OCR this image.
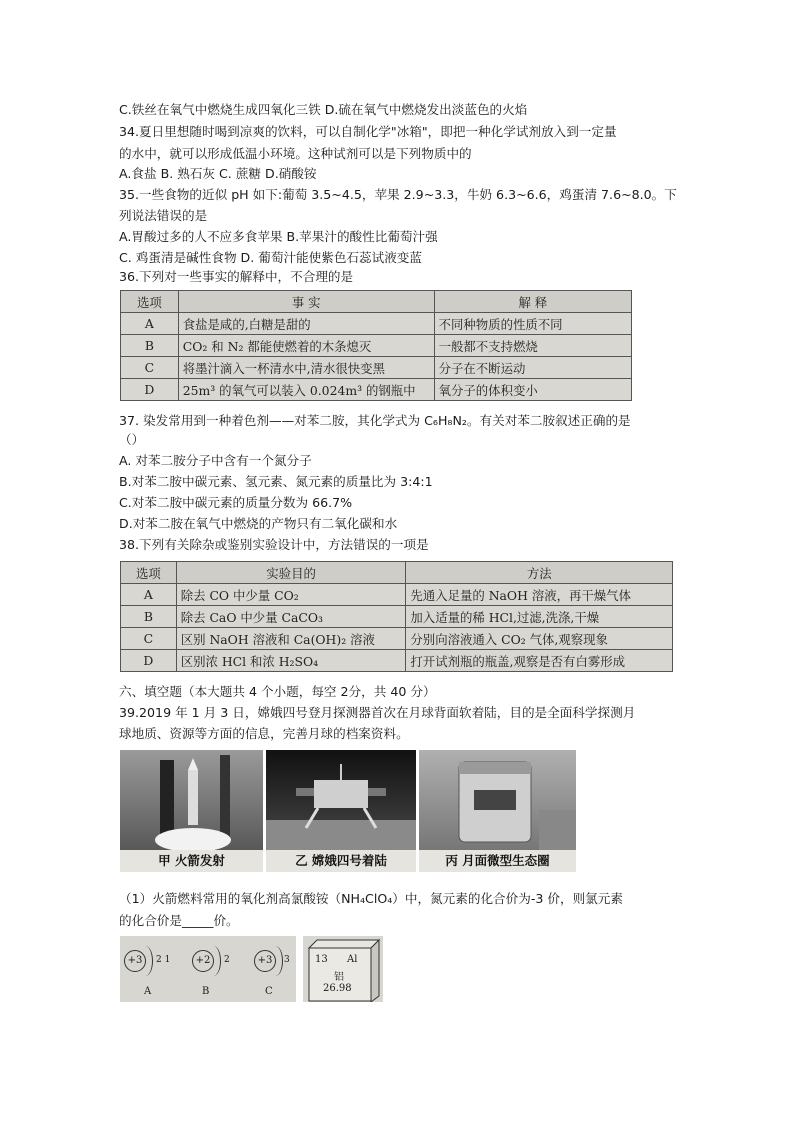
C.铁丝在氧气中燃烧生成四氧化三铁 D.硫在氧气中燃烧发出淡蓝色的火焰
34.夏日里想随时喝到凉爽的饮料，可以自制化学"冰箱"，即把一种化学试剂放入到一定量
的水中，就可以形成低温小环境。这种试剂可以是下列物质中的
A.食盐 B. 熟石灰 C. 蔗糖 D.硝酸铵
35.一些食物的近似 pH 如下:葡萄 3.5~4.5，苹果 2.9~3.3，牛奶 6.3~6.6，鸡蛋清 7.6~8.0。下
列说法错误的是
A.胃酸过多的人不应多食苹果 B.苹果汁的酸性比葡萄汁强
C. 鸡蛋清是碱性食物 D. 葡萄汁能使紫色石蕊试液变蓝
36.下列对一些事实的解释中，不合理的是
选项	事 实	解 释
A	食盐是咸的,白糖是甜的	不同种物质的性质不同
B	CO₂ 和 N₂ 都能使燃着的木条熄灭	一般都不支持燃烧
C	将墨汁滴入一杯清水中,清水很快变黑	分子在不断运动
D	25m³ 的氧气可以装入 0.024m³ 的钢瓶中	氧分子的体积变小
37. 染发常用到一种着色剂——对苯二胺，其化学式为 C₆H₈N₂。有关对苯二胺叙述正确的是
（）
A. 对苯二胺分子中含有一个氮分子
B.对苯二胺中碳元素、氢元素、氮元素的质量比为 3:4:1
C.对苯二胺中碳元素的质量分数为 66.7%
D.对苯二胺在氧气中燃烧的产物只有二氧化碳和水
38.下列有关除杂或鉴别实验设计中，方法错误的一项是
选项	实验目的	方法
A	除去 CO 中少量 CO₂	先通入足量的 NaOH 溶液，再干燥气体
B	除去 CaO 中少量 CaCO₃	加入适量的稀 HCl,过滤,洗涤,干燥
C	区别 NaOH 溶液和 Ca(OH)₂ 溶液	分别向溶液通入 CO₂ 气体,观察现象
D	区别浓 HCl 和浓 H₂SO₄	打开试剂瓶的瓶盖,观察是否有白雾形成
六、填空题（本大题共 4 个小题，每空 2分，共 40 分）
39.2019 年 1 月 3 日，嫦娥四号登月探测器首次在月球背面软着陆，目的是全面科学探测月
球地质、资源等方面的信息，完善月球的档案资料。
甲 火箭发射	乙 嫦娥四号着陆	丙 月面微型生态圈
（1）火箭燃料常用的氧化剂高氯酸铵（NH₄ClO₄）中，氮元素的化合价为-3 价，则氯元素
的化合价是_____价。
+3	2 1
A
+2	2
B
+3	3
C
13 Al
铝
26.98
